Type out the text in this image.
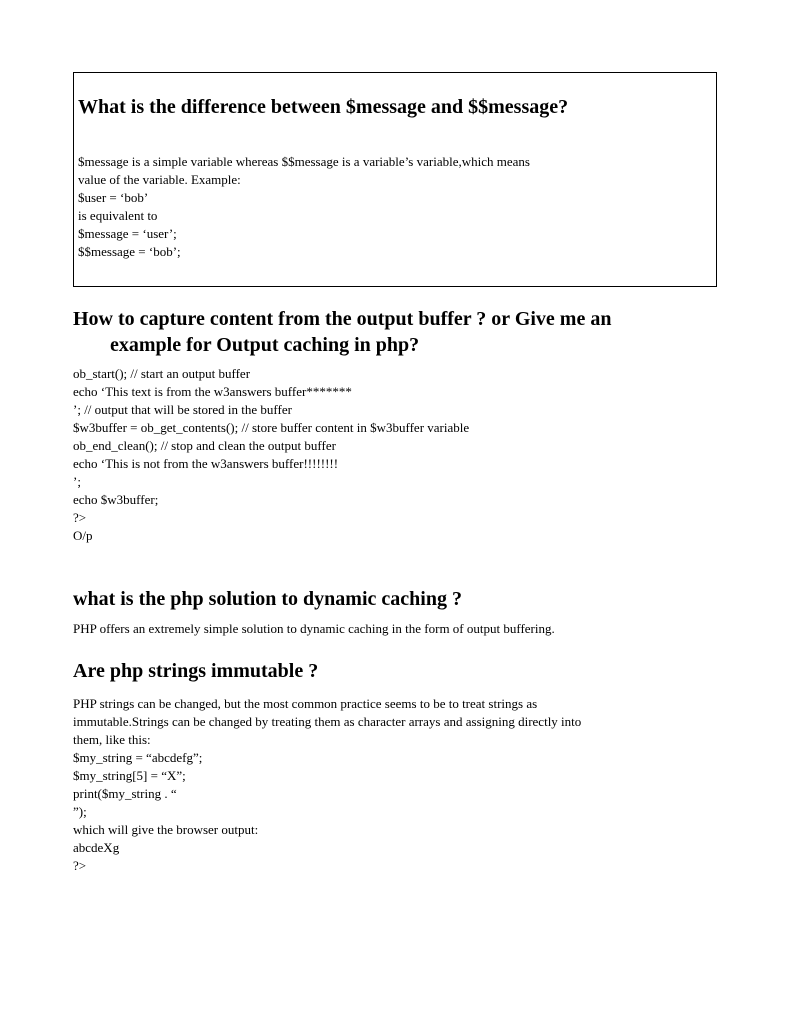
What is the difference between $message and $$message?

$message is a simple variable whereas $$message is a variable’s variable,which means

value of the variable. Example:

$user = ‘bob’

is equivalent to

$message = ‘user’;

$$message = ‘bob’;

How to capture content from the output buffer ? or Give me an
example for Output caching in php?

ob_start(); // start an output buffer

echo ‘This text is from the w3answers buffer*******

’; // output that will be stored in the buffer

$w3buffer = ob_get_contents(); // store buffer content in $w3buffer variable

ob_end_clean(); // stop and clean the output buffer

echo ‘This is not from the w3answers buffer!!!!!!!!

’;

echo $w3buffer;

?>

O/p

what is the php solution to dynamic caching ?

PHP offers an extremely simple solution to dynamic caching in the form of output buffering.

Are php strings immutable ?

PHP strings can be changed, but the most common practice seems to be to treat strings as

immutable.Strings can be changed by treating them as character arrays and assigning directly into

them, like this:

$my_string = “abcdefg”;

$my_string[5] = “X”;

print($my_string . “

”);

which will give the browser output:

abcdeXg

?>
